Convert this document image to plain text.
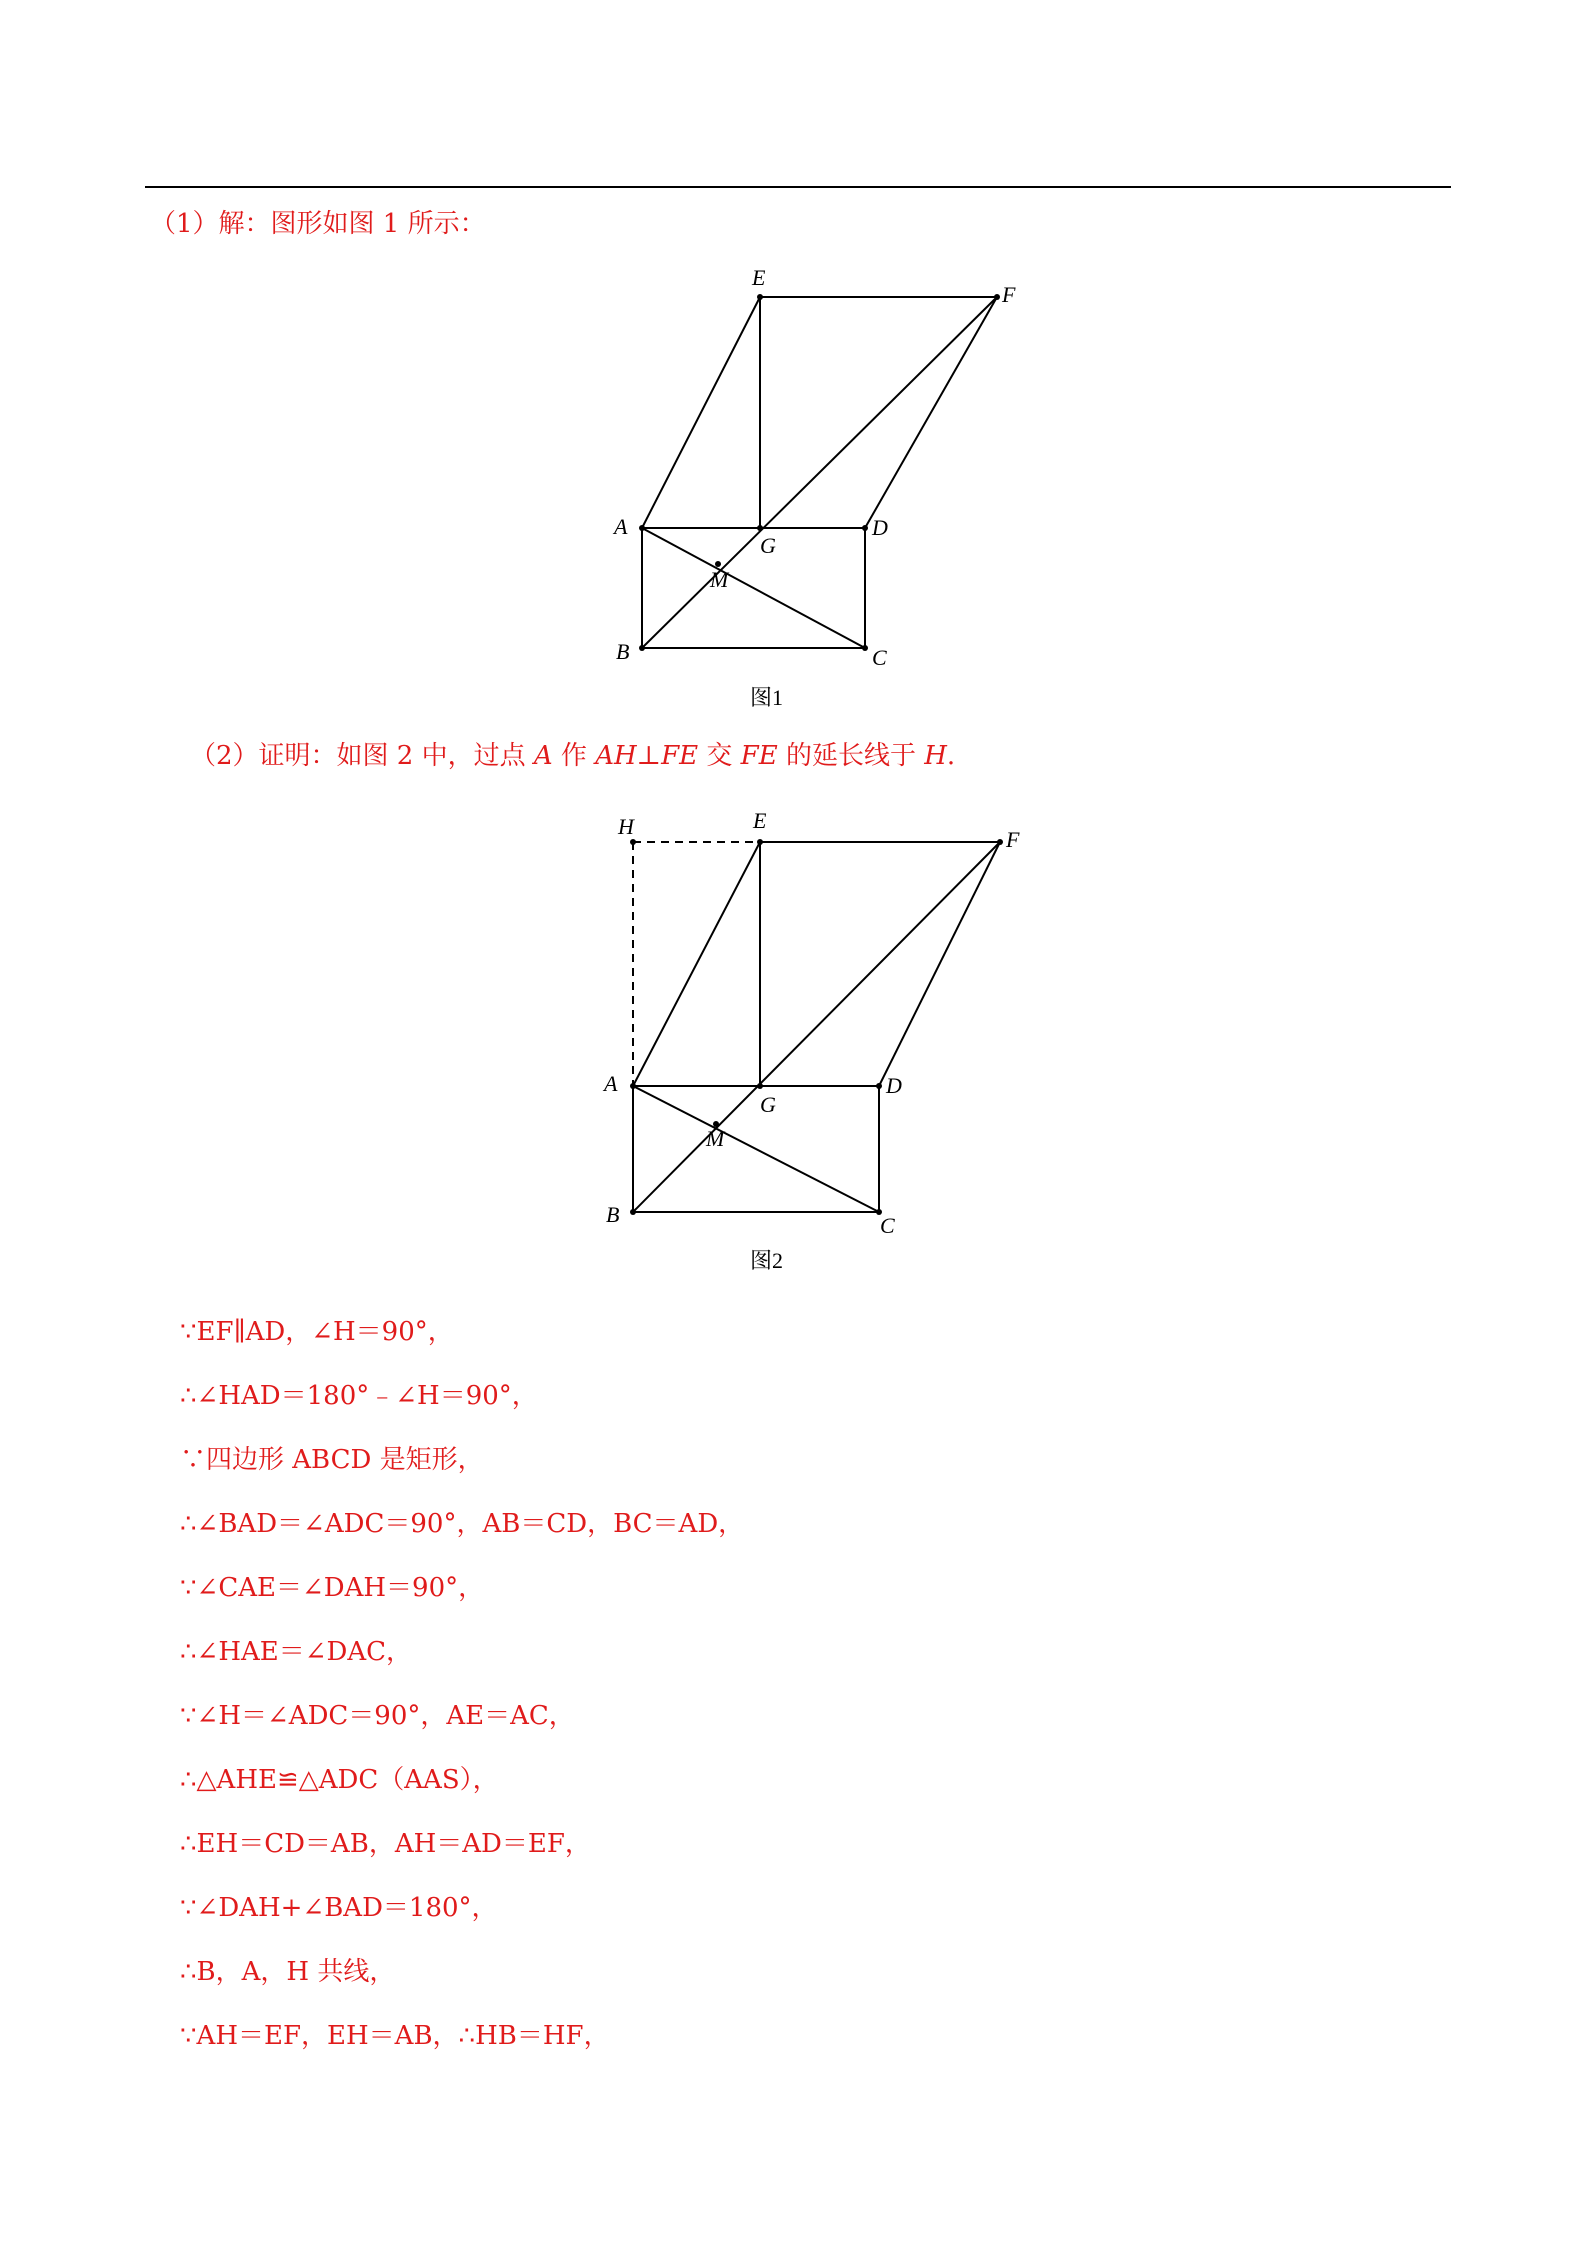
（1）解：图形如图 1 所示：
E
F
A
G
D
M
B	C
图1
（2）证明：如图 2 中，过点 A 作 AH⊥FE 交 FE 的延长线于 H.
H	E
F
A
G
D
M
B	C
图2
∵EF∥AD，∠H＝90°，
∴∠HAD＝180°﹣∠H＝90°，
∵四边形 ABCD 是矩形，
∴∠BAD＝∠ADC＝90°，AB＝CD，BC＝AD，
∵∠CAE＝∠DAH＝90°，
∴∠HAE＝∠DAC，
∵∠H＝∠ADC＝90°，AE＝AC，
∴△AHE≌△ADC（AAS），
∴EH＝CD＝AB，AH＝AD＝EF，
∵∠DAH+∠BAD＝180°，
∴B，A，H 共线，
∵AH＝EF，EH＝AB，∴HB＝HF，
